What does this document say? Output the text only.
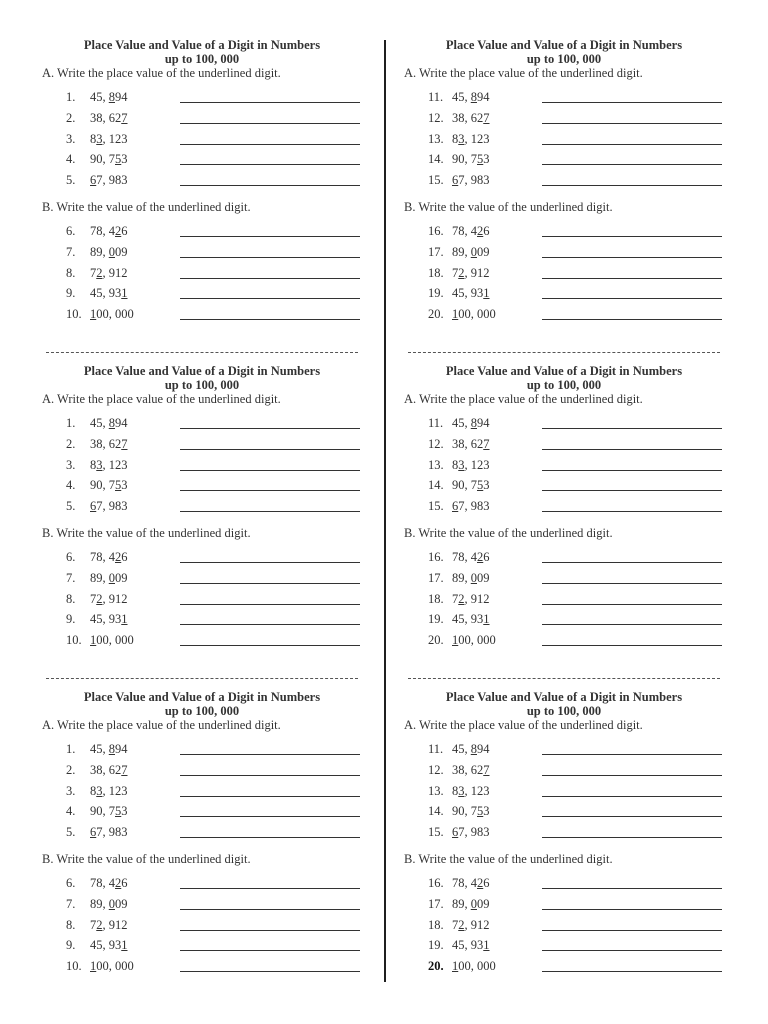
Place Value and Value of a Digit in Numbers
up to 100, 000
A. Write the place value of the underlined digit.
1. 45, 894
2. 38, 627
3. 83, 123
4. 90, 753
5. 67, 983
B. Write the value of the underlined digit.
6. 78, 426
7. 89, 009
8. 72, 912
9. 45, 931
10. 100, 000
Place Value and Value of a Digit in Numbers
up to 100, 000
A. Write the place value of the underlined digit.
11. 45, 894
12. 38, 627
13. 83, 123
14. 90, 753
15. 67, 983
B. Write the value of the underlined digit.
16. 78, 426
17. 89, 009
18. 72, 912
19. 45, 931
20. 100, 000
Place Value and Value of a Digit in Numbers
up to 100, 000
A. Write the place value of the underlined digit.
1. 45, 894
2. 38, 627
3. 83, 123
4. 90, 753
5. 67, 983
B. Write the value of the underlined digit.
6. 78, 426
7. 89, 009
8. 72, 912
9. 45, 931
10. 100, 000
Place Value and Value of a Digit in Numbers
up to 100, 000
A. Write the place value of the underlined digit.
11. 45, 894
12. 38, 627
13. 83, 123
14. 90, 753
15. 67, 983
B. Write the value of the underlined digit.
16. 78, 426
17. 89, 009
18. 72, 912
19. 45, 931
20. 100, 000
Place Value and Value of a Digit in Numbers
up to 100, 000
A. Write the place value of the underlined digit.
1. 45, 894
2. 38, 627
3. 83, 123
4. 90, 753
5. 67, 983
B. Write the value of the underlined digit.
6. 78, 426
7. 89, 009
8. 72, 912
9. 45, 931
10. 100, 000
Place Value and Value of a Digit in Numbers
up to 100, 000
A. Write the place value of the underlined digit.
11. 45, 894
12. 38, 627
13. 83, 123
14. 90, 753
15. 67, 983
B. Write the value of the underlined digit.
16. 78, 426
17. 89, 009
18. 72, 912
19. 45, 931
20. 100, 000
